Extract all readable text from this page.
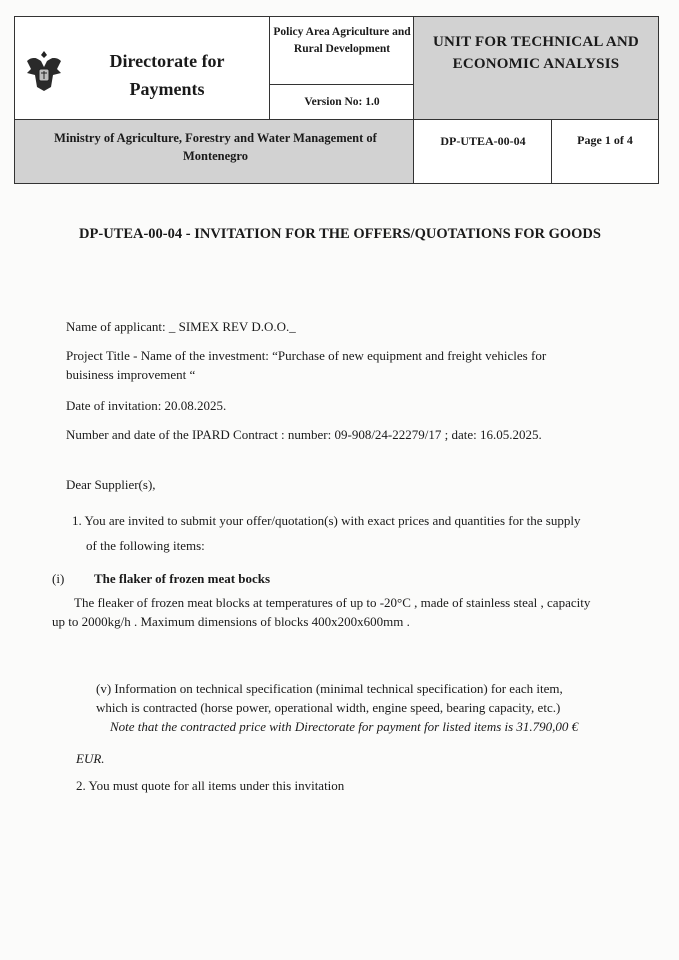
Directorate for Payments
Policy Area Agriculture and Rural Development
Version No: 1.0
UNIT FOR TECHNICAL AND ECONOMIC ANALYSIS
Ministry of Agriculture, Forestry and Water Management of Montenegro
DP-UTEA-00-04	Page 1 of 4
DP-UTEA-00-04 - INVITATION FOR THE OFFERS/QUOTATIONS FOR GOODS
Name of applicant: _ SIMEX REV D.O.O._
Project Title - Name of the investment: “Purchase of new equipment and freight vehicles for
buisiness improvement “
Date of invitation: 20.08.2025.
Number and date of the IPARD Contract : number: 09-908/24-22279/17 ; date: 16.05.2025.
Dear Supplier(s),
1. You are invited to submit your offer/quotation(s) with exact prices and quantities for the supply
of the following items:
(i) The flaker of frozen meat bocks
The fleaker of frozen meat blocks at temperatures of up to -20°C , made of stainless steal , capacity
up to 2000kg/h . Maximum dimensions of blocks 400x200x600mm .
(v) Information on technical specification (minimal technical specification) for each item,
which is contracted (horse power, operational width, engine speed, bearing capacity, etc.)
Note that the contracted price with Directorate for payment for listed items is 31.790,00 €
EUR.
2. You must quote for all items under this invitation
